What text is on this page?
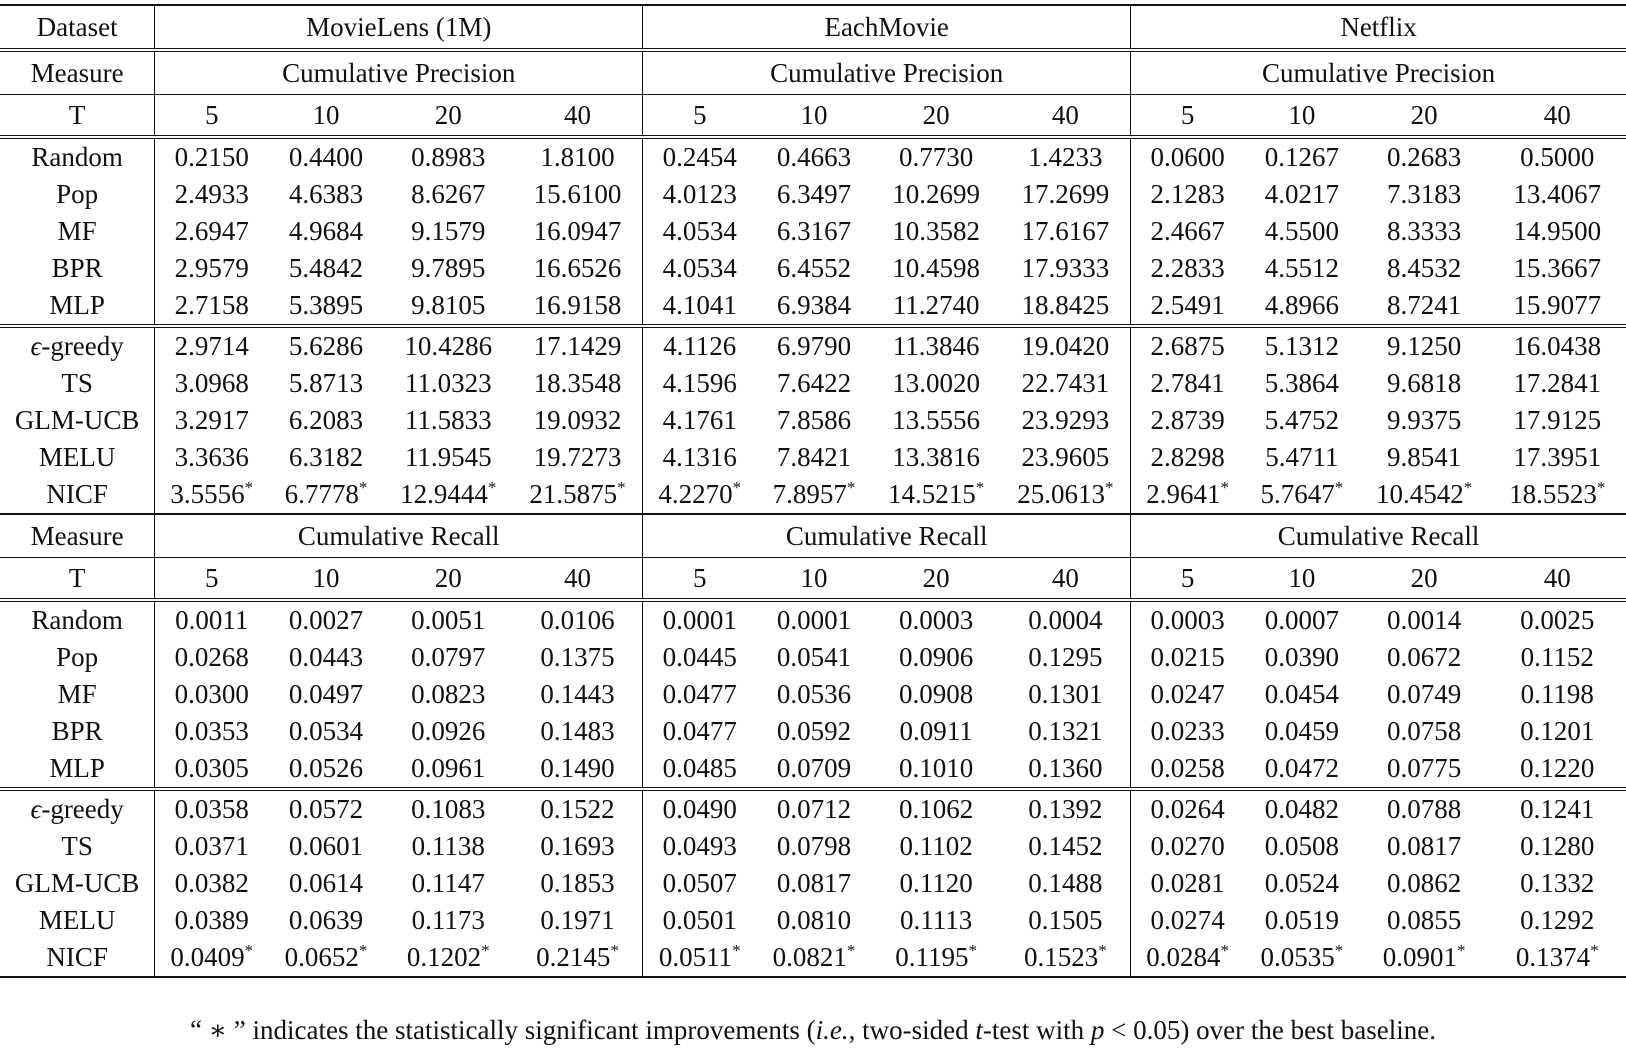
Dataset	MovieLens (1M)				EachMovie				Netflix			
Measure	Cumulative Precision				Cumulative Precision				Cumulative Precision			
T	5	10	20	40	5	10	20	40	5	10	20	40
Random	0.2150	0.4400	0.8983	1.8100	0.2454	0.4663	0.7730	1.4233	0.0600	0.1267	0.2683	0.5000
Pop	2.4933	4.6383	8.6267	15.6100	4.0123	6.3497	10.2699	17.2699	2.1283	4.0217	7.3183	13.4067
MF	2.6947	4.9684	9.1579	16.0947	4.0534	6.3167	10.3582	17.6167	2.4667	4.5500	8.3333	14.9500
BPR	2.9579	5.4842	9.7895	16.6526	4.0534	6.4552	10.4598	17.9333	2.2833	4.5512	8.4532	15.3667
MLP	2.7158	5.3895	9.8105	16.9158	4.1041	6.9384	11.2740	18.8425	2.5491	4.8966	8.7241	15.9077
ϵ-greedy	2.9714	5.6286	10.4286	17.1429	4.1126	6.9790	11.3846	19.0420	2.6875	5.1312	9.1250	16.0438
TS	3.0968	5.8713	11.0323	18.3548	4.1596	7.6422	13.0020	22.7431	2.7841	5.3864	9.6818	17.2841
GLM-UCB	3.2917	6.2083	11.5833	19.0932	4.1761	7.8586	13.5556	23.9293	2.8739	5.4752	9.9375	17.9125
MELU	3.3636	6.3182	11.9545	19.7273	4.1316	7.8421	13.3816	23.9605	2.8298	5.4711	9.8541	17.3951
NICF	3.5556*	6.7778*	12.9444*	21.5875*	4.2270*	7.8957*	14.5215*	25.0613*	2.9641*	5.7647*	10.4542*	18.5523*
Measure	Cumulative Recall				Cumulative Recall				Cumulative Recall			
T	5	10	20	40	5	10	20	40	5	10	20	40
Random	0.0011	0.0027	0.0051	0.0106	0.0001	0.0001	0.0003	0.0004	0.0003	0.0007	0.0014	0.0025
Pop	0.0268	0.0443	0.0797	0.1375	0.0445	0.0541	0.0906	0.1295	0.0215	0.0390	0.0672	0.1152
MF	0.0300	0.0497	0.0823	0.1443	0.0477	0.0536	0.0908	0.1301	0.0247	0.0454	0.0749	0.1198
BPR	0.0353	0.0534	0.0926	0.1483	0.0477	0.0592	0.0911	0.1321	0.0233	0.0459	0.0758	0.1201
MLP	0.0305	0.0526	0.0961	0.1490	0.0485	0.0709	0.1010	0.1360	0.0258	0.0472	0.0775	0.1220
ϵ-greedy	0.0358	0.0572	0.1083	0.1522	0.0490	0.0712	0.1062	0.1392	0.0264	0.0482	0.0788	0.1241
TS	0.0371	0.0601	0.1138	0.1693	0.0493	0.0798	0.1102	0.1452	0.0270	0.0508	0.0817	0.1280
GLM-UCB	0.0382	0.0614	0.1147	0.1853	0.0507	0.0817	0.1120	0.1488	0.0281	0.0524	0.0862	0.1332
MELU	0.0389	0.0639	0.1173	0.1971	0.0501	0.0810	0.1113	0.1505	0.0274	0.0519	0.0855	0.1292
NICF	0.0409*	0.0652*	0.1202*	0.2145*	0.0511*	0.0821*	0.1195*	0.1523*	0.0284*	0.0535*	0.0901*	0.1374*
“ ∗ ” indicates the statistically significant improvements (i.e., two-sided t-test with p < 0.05) over the best baseline.
